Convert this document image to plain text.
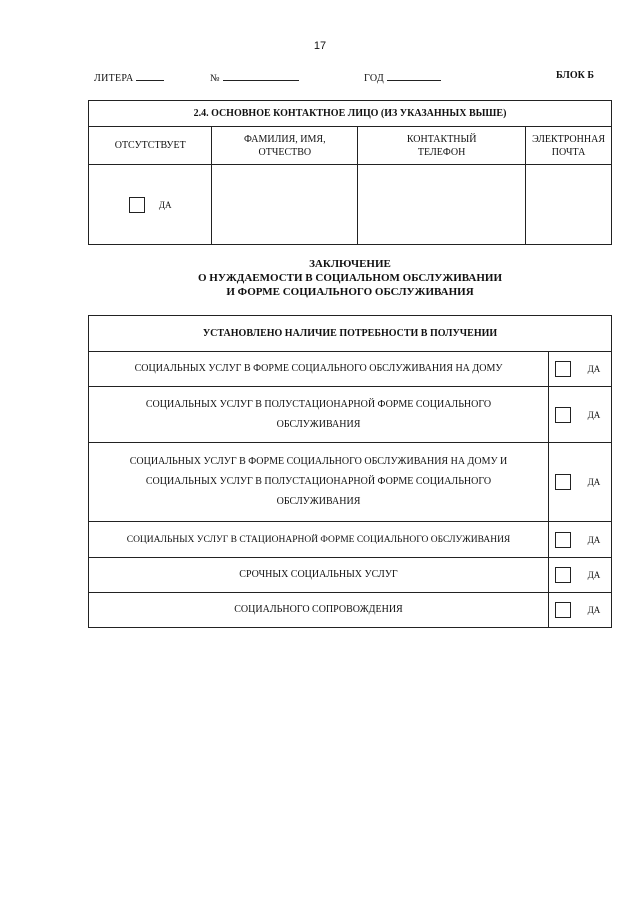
17
ЛИТЕРА	№	ГОД	БЛОК Б
2.4. ОСНОВНОЕ КОНТАКТНОЕ ЛИЦО (ИЗ УКАЗАННЫХ ВЫШЕ)			
ОТСУТСТВУЕТ	ФАМИЛИЯ, ИМЯ, ОТЧЕСТВО	КОНТАКТНЫЙ ТЕЛЕФОН	ЭЛЕКТРОННАЯ ПОЧТА
ДА			
ЗАКЛЮЧЕНИЕ
О НУЖДАЕМОСТИ В СОЦИАЛЬНОМ ОБСЛУЖИВАНИИ
И ФОРМЕ СОЦИАЛЬНОГО ОБСЛУЖИВАНИЯ
УСТАНОВЛЕНО НАЛИЧИЕ ПОТРЕБНОСТИ В ПОЛУЧЕНИИ		
СОЦИАЛЬНЫХ УСЛУГ В ФОРМЕ СОЦИАЛЬНОГО ОБСЛУЖИВАНИЯ НА ДОМУ		ДА
СОЦИАЛЬНЫХ УСЛУГ В ПОЛУСТАЦИОНАРНОЙ ФОРМЕ СОЦИАЛЬНОГО ОБСЛУЖИВАНИЯ		ДА
СОЦИАЛЬНЫХ УСЛУГ В ФОРМЕ СОЦИАЛЬНОГО ОБСЛУЖИВАНИЯ НА ДОМУ И СОЦИАЛЬНЫХ УСЛУГ В ПОЛУСТАЦИОНАРНОЙ ФОРМЕ СОЦИАЛЬНОГО ОБСЛУЖИВАНИЯ		ДА
СОЦИАЛЬНЫХ УСЛУГ В СТАЦИОНАРНОЙ ФОРМЕ СОЦИАЛЬНОГО ОБСЛУЖИВАНИЯ		ДА
СРОЧНЫХ СОЦИАЛЬНЫХ УСЛУГ		ДА
СОЦИАЛЬНОГО СОПРОВОЖДЕНИЯ		ДА
